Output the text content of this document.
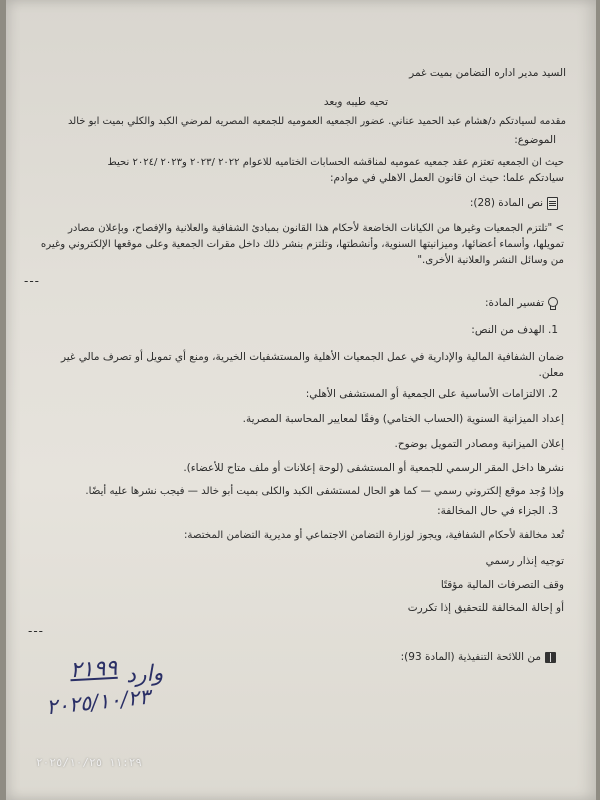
السيد مدير اداره التضامن بميت غمر
تحيه طيبه وبعد
مقدمه لسيادتكم د/هشام عبد الحميد عناني. عضور الجمعيه العموميه للجمعيه المصريه لمرضي الكبد والكلي بميت ابو خالد
الموضوع:
حيث ان الجمعيه تعتزم عقد جمعيه عموميه لمناقشه الحسابات الختاميه للاعوام ٢٠٢٢ /٢٠٢٣ و٢٠٢٣ /٢٠٢٤ نحيط
سيادتكم علما: حيث ان قانون العمل الاهلي في موادم:
نص المادة (28):
> "تلتزم الجمعيات وغيرها من الكيانات الخاضعة لأحكام هذا القانون بمبادئ الشفافية والعلانية والإفصاح، وبإعلان مصادر تمويلها، وأسماء أعضائها، وميزانيتها السنوية، وأنشطتها، وتلتزم بنشر ذلك داخل مقرات الجمعية وعلى موقعها الإلكتروني وغيره من وسائل النشر والعلانية الأخرى."
---
تفسير المادة:
1. الهدف من النص:
ضمان الشفافية المالية والإدارية في عمل الجمعيات الأهلية والمستشفيات الخيرية، ومنع أي تمويل أو تصرف مالي غير معلن.
2. الالتزامات الأساسية على الجمعية أو المستشفى الأهلي:
إعداد الميزانية السنوية (الحساب الختامي) وفقًا لمعايير المحاسبة المصرية.
إعلان الميزانية ومصادر التمويل بوضوح.
نشرها داخل المقر الرسمي للجمعية أو المستشفى (لوحة إعلانات أو ملف متاح للأعضاء).
وإذا وُجد موقع إلكتروني رسمي — كما هو الحال لمستشفى الكبد والكلى بميت أبو خالد — فيجب نشرها عليه أيضًا.
3. الجزاء في حال المخالفة:
تُعد مخالفة لأحكام الشفافية، ويجوز لوزارة التضامن الاجتماعي أو مديرية التضامن المختصة:
توجيه إنذار رسمي
وقف التصرفات المالية مؤقتًا
أو إحالة المخالفة للتحقيق إذا تكررت
---
من اللائحة التنفيذية (المادة 93):
وارد
٢١٩٩
٢٠٢٥/١٠/٢٣
١١:٢٩ ٢٠٢٥/١٠/٢٥
